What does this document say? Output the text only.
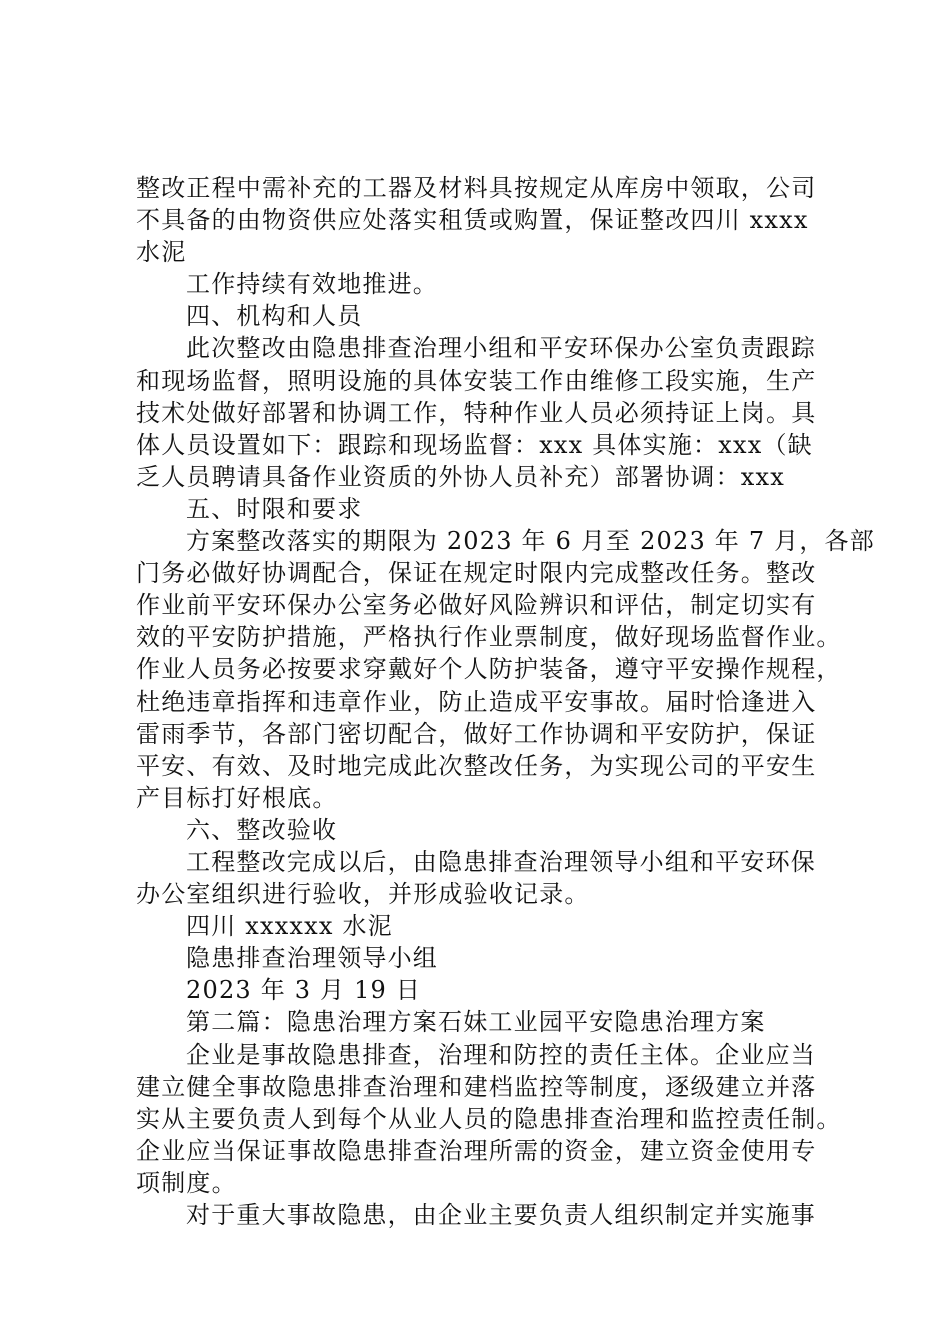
整改正程中需补充的工器及材料具按规定从库房中领取，公司
不具备的由物资供应处落实租赁或购置，保证整改四川 xxxx
水泥

工作持续有效地推进。

四、机构和人员

此次整改由隐患排查治理小组和平安环保办公室负责跟踪
和现场监督，照明设施的具体安装工作由维修工段实施，生产
技术处做好部署和协调工作，特种作业人员必须持证上岗。具
体人员设置如下：跟踪和现场监督：xxx 具体实施：xxx（缺
乏人员聘请具备作业资质的外协人员补充）部署协调：xxx

五、时限和要求

方案整改落实的期限为 2023 年 6 月至 2023 年 7 月，各部
门务必做好协调配合，保证在规定时限内完成整改任务。整改
作业前平安环保办公室务必做好风险辨识和评估，制定切实有
效的平安防护措施，严格执行作业票制度，做好现场监督作业。
作业人员务必按要求穿戴好个人防护装备，遵守平安操作规程，
杜绝违章指挥和违章作业，防止造成平安事故。届时恰逢进入
雷雨季节，各部门密切配合，做好工作协调和平安防护，保证
平安、有效、及时地完成此次整改任务，为实现公司的平安生
产目标打好根底。

六、整改验收

工程整改完成以后，由隐患排查治理领导小组和平安环保
办公室组织进行验收，并形成验收记录。

四川 xxxxxx 水泥

隐患排查治理领导小组

2023 年 3 月 19 日

第二篇：隐患治理方案石妹工业园平安隐患治理方案

企业是事故隐患排查，治理和防控的责任主体。企业应当
建立健全事故隐患排查治理和建档监控等制度，逐级建立并落
实从主要负责人到每个从业人员的隐患排查治理和监控责任制。
企业应当保证事故隐患排查治理所需的资金，建立资金使用专
项制度。

对于重大事故隐患，由企业主要负责人组织制定并实施事
